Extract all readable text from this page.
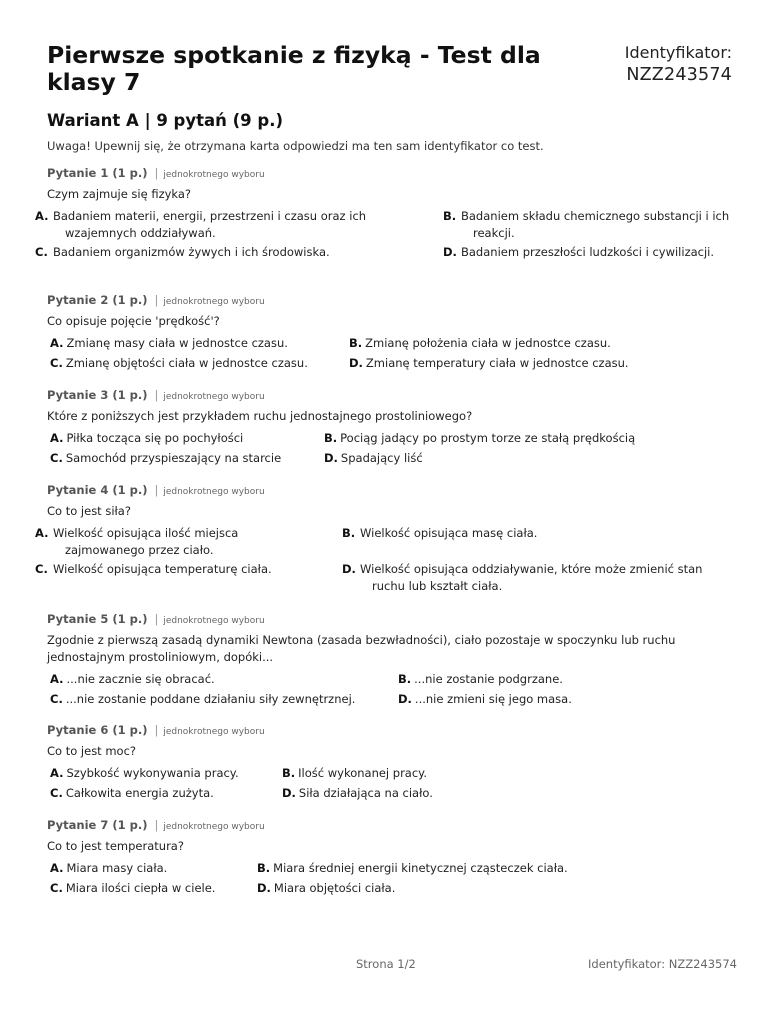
Pierwsze spotkanie z fizyką - Test dla klasy 7
Identyfikator:
NZZ243574
Wariant A | 9 pytań (9 p.)
Uwaga! Upewnij się, że otrzymana karta odpowiedzi ma ten sam identyfikator co test.
Pytanie 1 (1 p.) | jednokrotnego wyboru
Czym zajmuje się fizyka?
A. Badaniem materii, energii, przestrzeni i czasu oraz ich wzajemnych oddziaływań.
B. Badaniem składu chemicznego substancji i ich reakcji.
C. Badaniem organizmów żywych i ich środowiska.	D. Badaniem przeszłości ludzkości i cywilizacji.
Pytanie 2 (1 p.) | jednokrotnego wyboru
Co opisuje pojęcie 'prędkość'?
A. Zmianę masy ciała w jednostce czasu.	B. Zmianę położenia ciała w jednostce czasu.
C. Zmianę objętości ciała w jednostce czasu.	D. Zmianę temperatury ciała w jednostce czasu.
Pytanie 3 (1 p.) | jednokrotnego wyboru
Które z poniższych jest przykładem ruchu jednostajnego prostoliniowego?
A. Piłka tocząca się po pochyłości	B. Pociąg jadący po prostym torze ze stałą prędkością
C. Samochód przyspieszający na starcie	D. Spadający liść
Pytanie 4 (1 p.) | jednokrotnego wyboru
Co to jest siła?
A. Wielkość opisująca ilość miejsca zajmowanego przez ciało.
B. Wielkość opisująca masę ciała.
C. Wielkość opisująca temperaturę ciała.	D. Wielkość opisująca oddziaływanie, które może zmienić stan ruchu lub kształt ciała.
Pytanie 5 (1 p.) | jednokrotnego wyboru
Zgodnie z pierwszą zasadą dynamiki Newtona (zasada bezwładności), ciało pozostaje w spoczynku lub ruchu jednostajnym prostoliniowym, dopóki...
A. ...nie zacznie się obracać.	B. ...nie zostanie podgrzane.
C. ...nie zostanie poddane działaniu siły zewnętrznej.	D. ...nie zmieni się jego masa.
Pytanie 6 (1 p.) | jednokrotnego wyboru
Co to jest moc?
A. Szybkość wykonywania pracy.	B. Ilość wykonanej pracy.
C. Całkowita energia zużyta.	D. Siła działająca na ciało.
Pytanie 7 (1 p.) | jednokrotnego wyboru
Co to jest temperatura?
A. Miara masy ciała.	B. Miara średniej energii kinetycznej cząsteczek ciała.
C. Miara ilości ciepła w ciele.	D. Miara objętości ciała.
Strona 1/2	Identyfikator: NZZ243574
